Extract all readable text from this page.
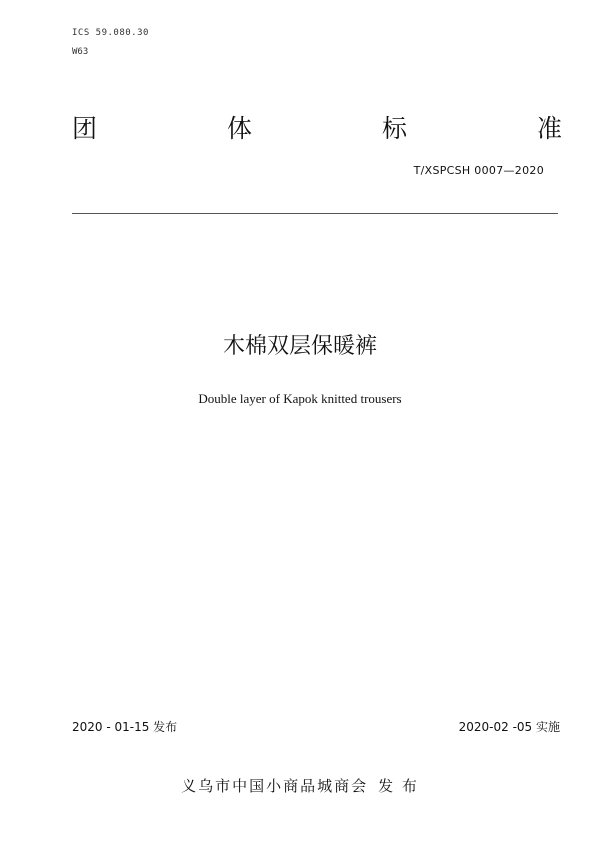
ICS 59.080.30
W63
团	体	标	准
T/XSPCSH 0007—2020
木棉双层保暖裤
Double layer of Kapok knitted trousers
2020 - 01-15 发布	2020-02 -05 实施
义乌市中国小商品城商会 发 布
